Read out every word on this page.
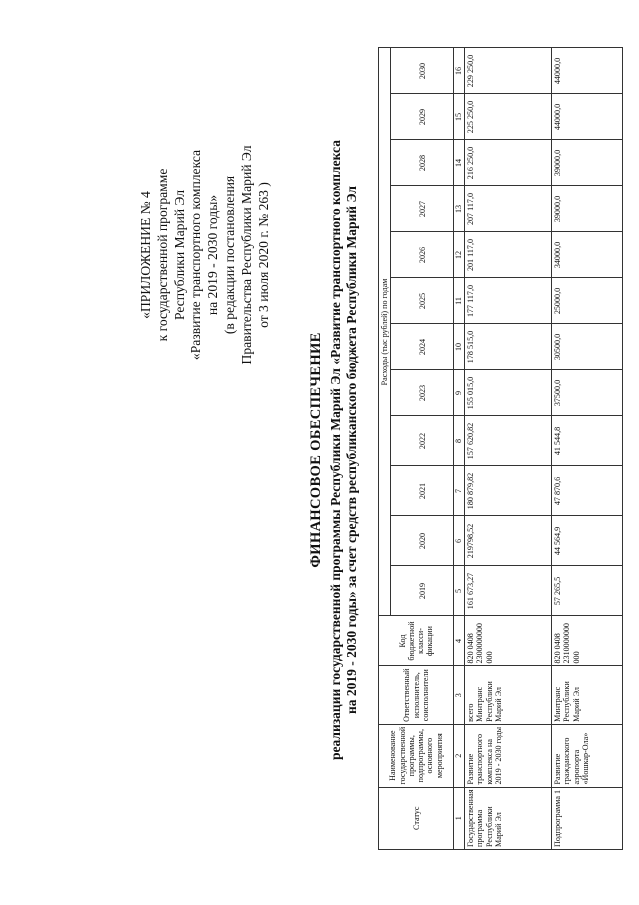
«ПРИЛОЖЕНИЕ № 4 к государственной программе Республики Марий Эл «Развитие транспортного комплекса на 2019 - 2030 годы» (в редакции постановления Правительства Республики Марий Эл от 3 июля 2020 г. № 263 )
ФИНАНСОВОЕ ОБЕСПЕЧЕНИЕ реализации государственной программы Республики Марий Эл «Развитие транспортного комплекса на 2019 - 2030 годы» за счет средств республиканского бюджета Республики Марий Эл
Статус	Наименование государственной программы, подпрограммы, основного мероприятия	Ответственный исполнитель, соисполнители	Код бюджетной класси-фикации	Расходы (тыс рублей) по годам											
				2019	2020	2021	2022	2023	2024	2025	2026	2027	2028	2029	2030
1	2	3	4	5	6	7	8	9	10	11	12	13	14	15	16
Государственная программа Республики Марий Эл	Развитие транспортного комплекса на 2019 - 2030 годы	всего Минтранс Республики Марий Эл	820 0408 2300000000 000	161 673,27	219798,52	180 879,82	157 620,82	155 015,0	178 515,0	177 117,0	201 117,0	207 117,0	216 250,0	225 250,0	229 250,0
Подпрограмма 1	Развитие гражданского аэропорта «Йошкар-Ола»	Минтранс Республики Марий Эл	820 0408 2310000000 000	57 265,5	44 564,9	47 870,6	41 544,8	37500,0	30500,0	25000,0	34000,0	39000,0	39000,0	44000,0	44000,0
